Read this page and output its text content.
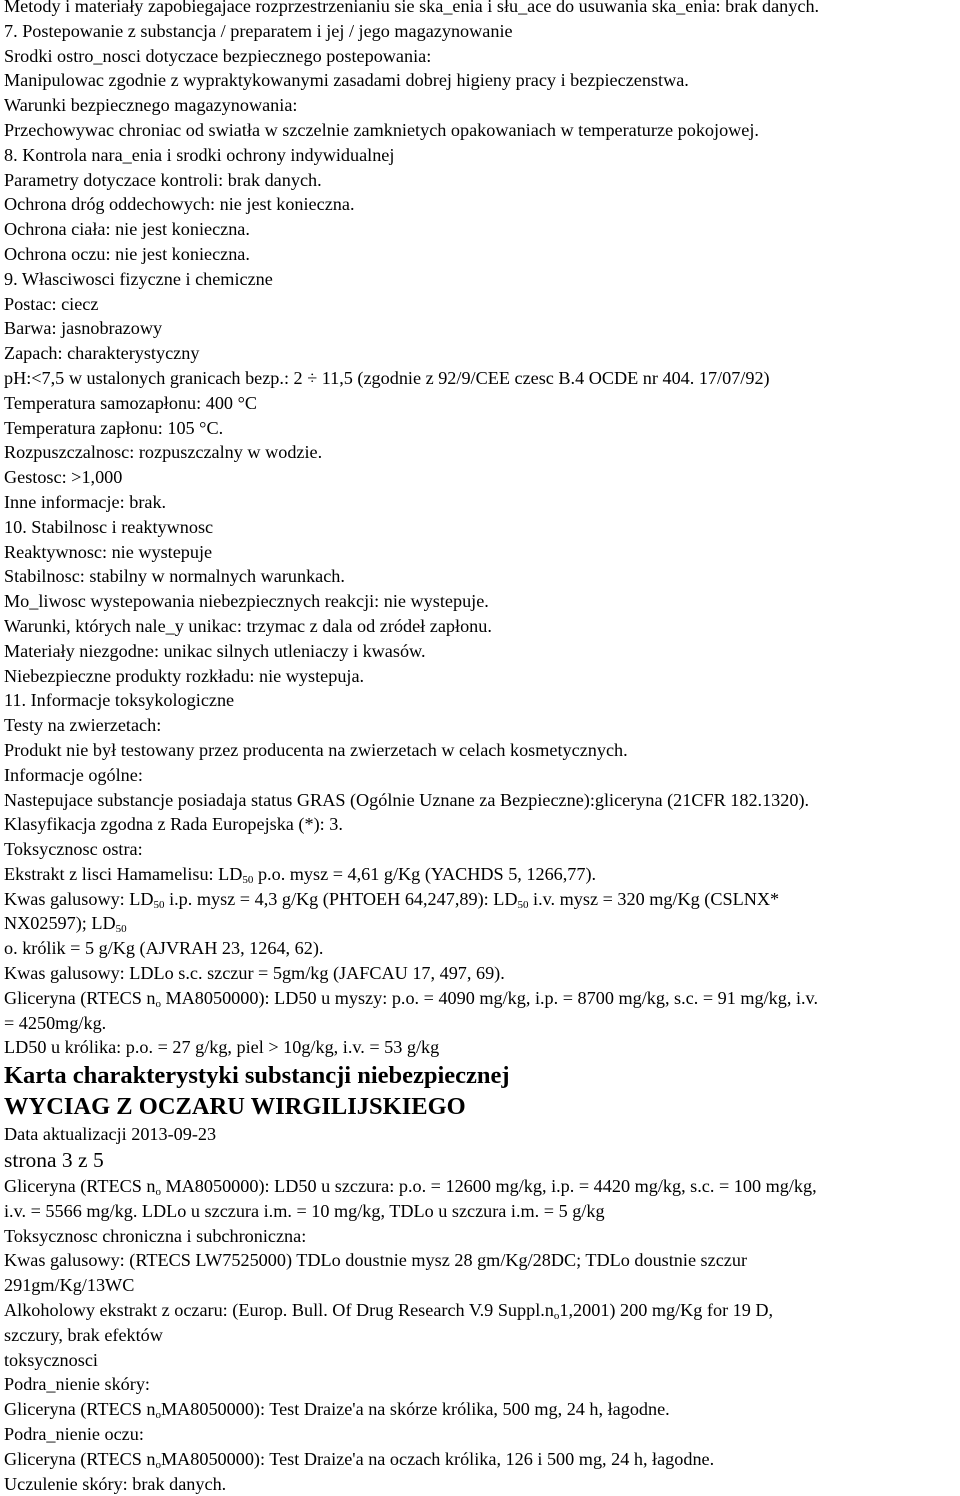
Metody i materiały zapobiegajace rozprzestrzenianiu sie ska_enia i słu_ace do usuwania ska_enia: brak danych.
7. Postepowanie z substancja / preparatem i jej / jego magazynowanie
Srodki ostro_nosci dotyczace bezpiecznego postepowania:
Manipulowac zgodnie z wypraktykowanymi zasadami dobrej higieny pracy i bezpieczenstwa.
Warunki bezpiecznego magazynowania:
Przechowywac chroniac od swiatła w szczelnie zamknietych opakowaniach w temperaturze pokojowej.
8. Kontrola nara_enia i srodki ochrony indywidualnej
Parametry dotyczace kontroli: brak danych.
Ochrona dróg oddechowych: nie jest konieczna.
Ochrona ciała: nie jest konieczna.
Ochrona oczu: nie jest konieczna.
9. Własciwosci fizyczne i chemiczne
Postac: ciecz
Barwa: jasnobrazowy
Zapach: charakterystyczny
pH:<7,5 w ustalonych granicach bezp.: 2 ÷ 11,5 (zgodnie z 92/9/CEE czesc B.4 OCDE nr 404. 17/07/92)
Temperatura samozapłonu: 400 °C
Temperatura zapłonu: 105 °C.
Rozpuszczalnosc: rozpuszczalny w wodzie.
Gestosc: >1,000
Inne informacje: brak.
10. Stabilnosc i reaktywnosc
Reaktywnosc: nie wystepuje
Stabilnosc: stabilny w normalnych warunkach.
Mo_liwosc wystepowania niebezpiecznych reakcji: nie wystepuje.
Warunki, których nale_y unikac: trzymac z dala od zródeł zapłonu.
Materiały niezgodne: unikac silnych utleniaczy i kwasów.
Niebezpieczne produkty rozkładu: nie wystepuja.
11. Informacje toksykologiczne
Testy na zwierzetach:
Produkt nie był testowany przez producenta na zwierzetach w celach kosmetycznych.
Informacje ogólne:
Nastepujace substancje posiadaja status GRAS (Ogólnie Uznane za Bezpieczne):gliceryna (21CFR 182.1320).
Klasyfikacja zgodna z Rada Europejska (*): 3.
Toksycznosc ostra:
Ekstrakt z lisci Hamamelisu: LD50 p.o. mysz = 4,61 g/Kg (YACHDS 5, 1266,77).
Kwas galusowy: LD50 i.p. mysz = 4,3 g/Kg (PHTOEH 64,247,89): LD50 i.v. mysz = 320 mg/Kg (CSLNX*
NX02597); LD50
o. królik = 5 g/Kg (AJVRAH 23, 1264, 62).
Kwas galusowy: LDLo s.c. szczur = 5gm/kg (JAFCAU 17, 497, 69).
Gliceryna (RTECS no MA8050000): LD50 u myszy: p.o. = 4090 mg/kg, i.p. = 8700 mg/kg, s.c. = 91 mg/kg, i.v.
= 4250mg/kg.
LD50 u królika: p.o. = 27 g/kg, piel > 10g/kg, i.v. = 53 g/kg
Karta charakterystyki substancji niebezpiecznej
WYCIAG Z OCZARU WIRGILIJSKIEGO
Data aktualizacji 2013-09-23
strona 3 z 5
Gliceryna (RTECS no MA8050000): LD50 u szczura: p.o. = 12600 mg/kg, i.p. = 4420 mg/kg, s.c. = 100 mg/kg,
i.v. = 5566 mg/kg. LDLo u szczura i.m. = 10 mg/kg, TDLo u szczura i.m. = 5 g/kg
Toksycznosc chroniczna i subchroniczna:
Kwas galusowy: (RTECS LW7525000) TDLo doustnie mysz 28 gm/Kg/28DC; TDLo doustnie szczur
291gm/Kg/13WC
Alkoholowy ekstrakt z oczaru: (Europ. Bull. Of Drug Research V.9 Suppl.no1,2001) 200 mg/Kg for 19 D,
szczury, brak efektów
toksycznosci
Podra_nienie skóry:
Gliceryna (RTECS noMA8050000): Test Draize'a na skórze królika, 500 mg, 24 h, łagodne.
Podra_nienie oczu:
Gliceryna (RTECS noMA8050000): Test Draize'a na oczach królika, 126 i 500 mg, 24 h, łagodne.
Uczulenie skóry: brak danych.
